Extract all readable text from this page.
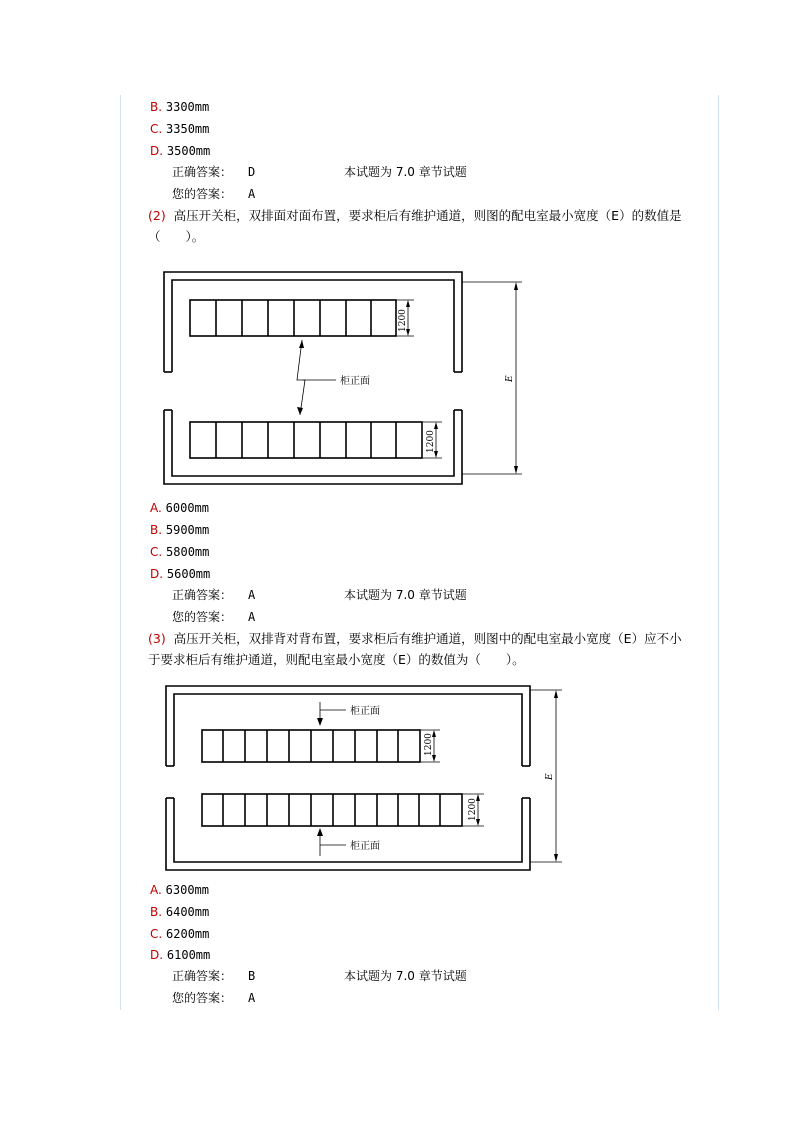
B. 3300mm
C. 3350mm
D. 3500mm
正确答案： D	本试题为 7.0 章节试题
您的答案： A
(2) 高压开关柜，双排面对面布置，要求柜后有维护通道，则图的配电室最小宽度（E）的数值是（　　）。
1200
1200
E
柜正面
A. 6000mm
B. 5900mm
C. 5800mm
D. 5600mm
正确答案： A	本试题为 7.0 章节试题
您的答案： A
(3) 高压开关柜，双排背对背布置，要求柜后有维护通道，则图中的配电室最小宽度（E）应不小于要求柜后有维护通道，则配电室最小宽度（E）的数值为（　　）。
1200
1200
E
柜正面
柜正面
A. 6300mm
B. 6400mm
C. 6200mm
D. 6100mm
正确答案： B	本试题为 7.0 章节试题
您的答案： A
